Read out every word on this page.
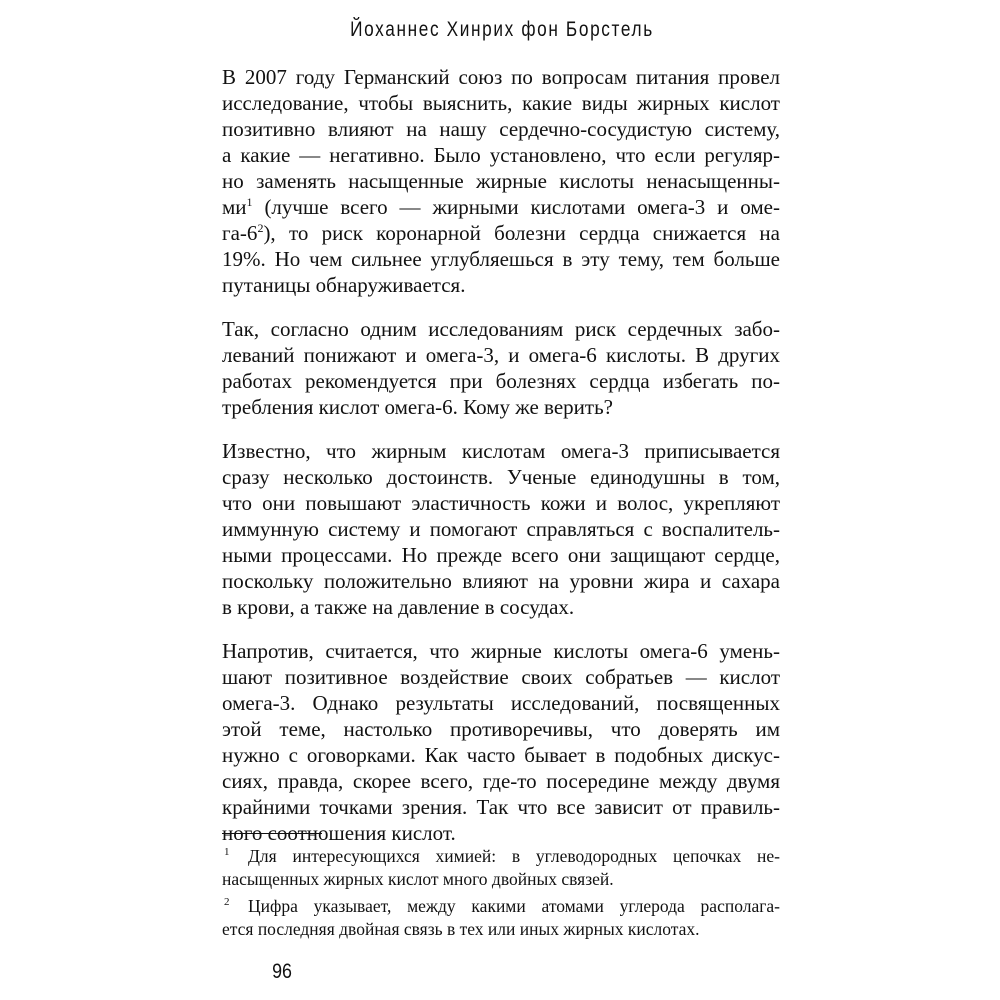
Йоханнес Хинрих фон Борстель

В 2007 году Германский союз по вопросам питания провел
исследование, чтобы выяснить, какие виды жирных кислот
позитивно влияют на нашу сердечно-сосудистую систему,
а какие — негативно. Было установлено, что если регуляр-
но заменять насыщенные жирные кислоты ненасыщенны-
$ми^1$ (лучше всего — жирными кислотами омега-3 и оме-
$га-6^2$), то риск коронарной болезни сердца снижается на
19%. Но чем сильнее углубляешься в эту тему, тем больше
путаницы обнаруживается.

Так, согласно одним исследованиям риск сердечных забо-
леваний понижают и омега-3, и омега-6 кислоты. В других
работах рекомендуется при болезнях сердца избегать по-
требления кислот омега-6. Кому же верить?

Известно, что жирным кислотам омега-3 приписывается
сразу несколько достоинств. Ученые единодушны в том,
что они повышают эластичность кожи и волос, укрепляют
иммунную систему и помогают справляться с воспалитель-
ными процессами. Но прежде всего они защищают сердце,
поскольку положительно влияют на уровни жира и сахара
в крови, а также на давление в сосудах.

Напротив, считается, что жирные кислоты омега-6 умень-
шают позитивное воздействие своих собратьев — кислот
омега-3. Однако результаты исследований, посвященных
этой теме, настолько противоречивы, что доверять им
нужно с оговорками. Как часто бывает в подобных дискус-
сиях, правда, скорее всего, где-то посередине между двумя
крайними точками зрения. Так что все зависит от правиль-
ного соотношения кислот.

1 Для интересующихся химией: в углеводородных цепочках не-
насыщенных жирных кислот много двойных связей.
2 Цифра указывает, между какими атомами углерода располага-
ется последняя двойная связь в тех или иных жирных кислотах.
96
